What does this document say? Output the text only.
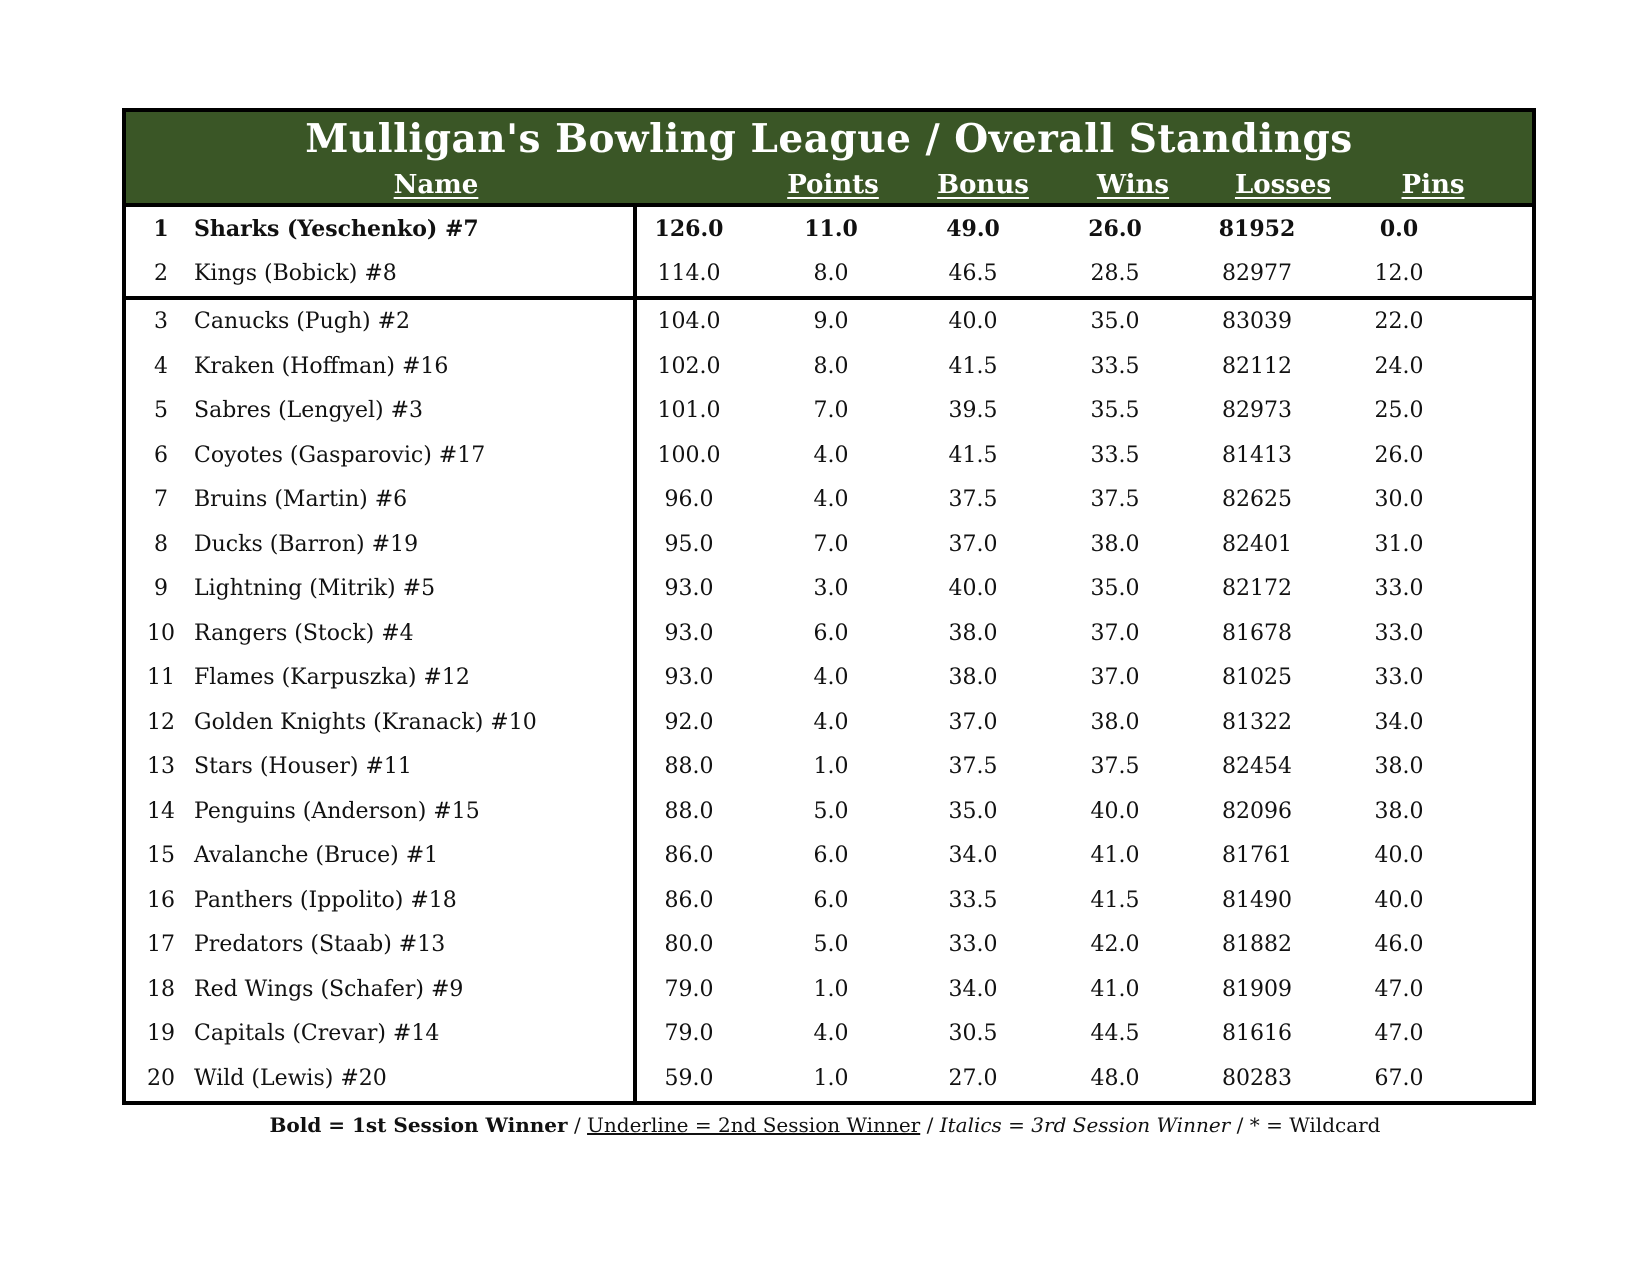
Mulligan's Bowling League / Overall Standings
Name	Points	Bonus	Wins	Losses	Pins	Back
1	Sharks (Yeschenko) #7	126.0	11.0	49.0	26.0	81952	0.0
2	Kings (Bobick) #8	114.0	8.0	46.5	28.5	82977	12.0
3	Canucks (Pugh) #2	104.0	9.0	40.0	35.0	83039	22.0
4	Kraken (Hoffman) #16	102.0	8.0	41.5	33.5	82112	24.0
5	Sabres (Lengyel) #3	101.0	7.0	39.5	35.5	82973	25.0
6	Coyotes (Gasparovic) #17	100.0	4.0	41.5	33.5	81413	26.0
7	Bruins (Martin) #6	96.0	4.0	37.5	37.5	82625	30.0
8	Ducks (Barron) #19	95.0	7.0	37.0	38.0	82401	31.0
9	Lightning (Mitrik) #5	93.0	3.0	40.0	35.0	82172	33.0
10 Rangers (Stock) #4	93.0	6.0	38.0	37.0	81678	33.0
11 Flames (Karpuszka) #12	93.0	4.0	38.0	37.0	81025	33.0
12 Golden Knights (Kranack) #10	92.0	4.0	37.0	38.0	81322	34.0
13 Stars (Houser) #11	88.0	1.0	37.5	37.5	82454	38.0
14 Penguins (Anderson) #15	88.0	5.0	35.0	40.0	82096	38.0
15 Avalanche (Bruce) #1	86.0	6.0	34.0	41.0	81761	40.0
16 Panthers (Ippolito) #18	86.0	6.0	33.5	41.5	81490	40.0
17 Predators (Staab) #13	80.0	5.0	33.0	42.0	81882	46.0
18 Red Wings (Schafer) #9	79.0	1.0	34.0	41.0	81909	47.0
19 Capitals (Crevar) #14	79.0	4.0	30.5	44.5	81616	47.0
20 Wild (Lewis) #20	59.0	1.0	27.0	48.0	80283	67.0
Bold = 1st Session Winner / Underline = 2nd Session Winner / Italics = 3rd Session Winner / * = Wildcard
